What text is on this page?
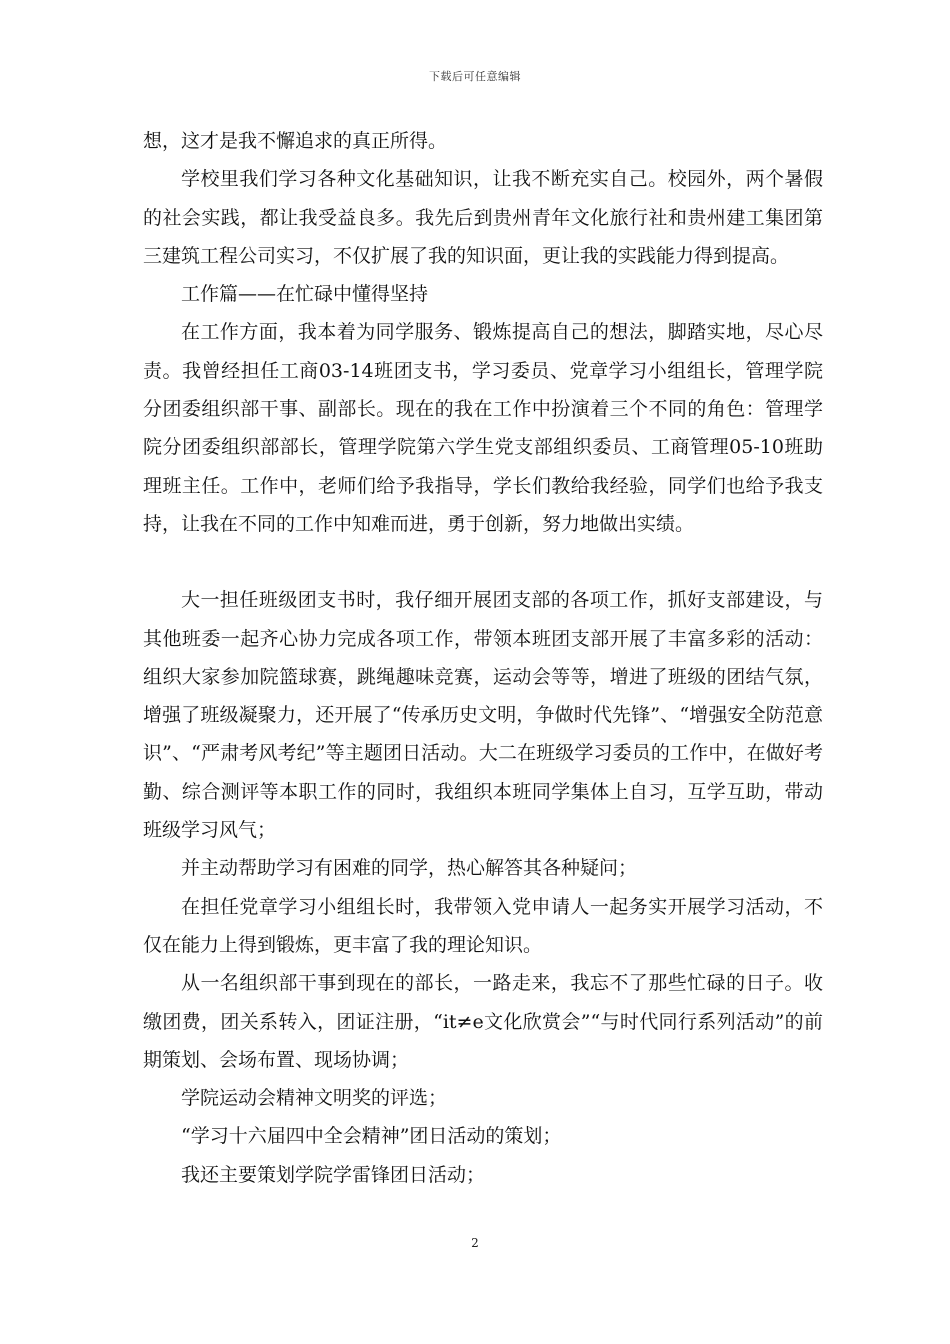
下载后可任意编辑

想，这才是我不懈追求的真正所得。

学校里我们学习各种文化基础知识，让我不断充实自己。校园外，两个暑假的社会实践，都让我受益良多。我先后到贵州青年文化旅行社和贵州建工集团第三建筑工程公司实习，不仅扩展了我的知识面，更让我的实践能力得到提高。

工作篇——在忙碌中懂得坚持

在工作方面，我本着为同学服务、锻炼提高自己的想法，脚踏实地，尽心尽责。我曾经担任工商03-14班团支书，学习委员、党章学习小组组长，管理学院分团委组织部干事、副部长。现在的我在工作中扮演着三个不同的角色：管理学院分团委组织部部长，管理学院第六学生党支部组织委员、工商管理05-10班助理班主任。工作中，老师们给予我指导，学长们教给我经验，同学们也给予我支持，让我在不同的工作中知难而进，勇于创新，努力地做出实绩。

大一担任班级团支书时，我仔细开展团支部的各项工作，抓好支部建设，与其他班委一起齐心协力完成各项工作，带领本班团支部开展了丰富多彩的活动：组织大家参加院篮球赛，跳绳趣味竞赛，运动会等等，增进了班级的团结气氛，增强了班级凝聚力，还开展了“传承历史文明，争做时代先锋”、“增强安全防范意识”、“严肃考风考纪”等主题团日活动。大二在班级学习委员的工作中，在做好考勤、综合测评等本职工作的同时，我组织本班同学集体上自习，互学互助，带动班级学习风气；

并主动帮助学习有困难的同学，热心解答其各种疑问；

在担任党章学习小组组长时，我带领入党申请人一起务实开展学习活动，不仅在能力上得到锻炼，更丰富了我的理论知识。

从一名组织部干事到现在的部长，一路走来，我忘不了那些忙碌的日子。收缴团费，团关系转入，团证注册，“it≠e文化欣赏会”“与时代同行系列活动”的前期策划、会场布置、现场协调；

学院运动会精神文明奖的评选；

“学习十六届四中全会精神”团日活动的策划；

我还主要策划学院学雷锋团日活动；

2
